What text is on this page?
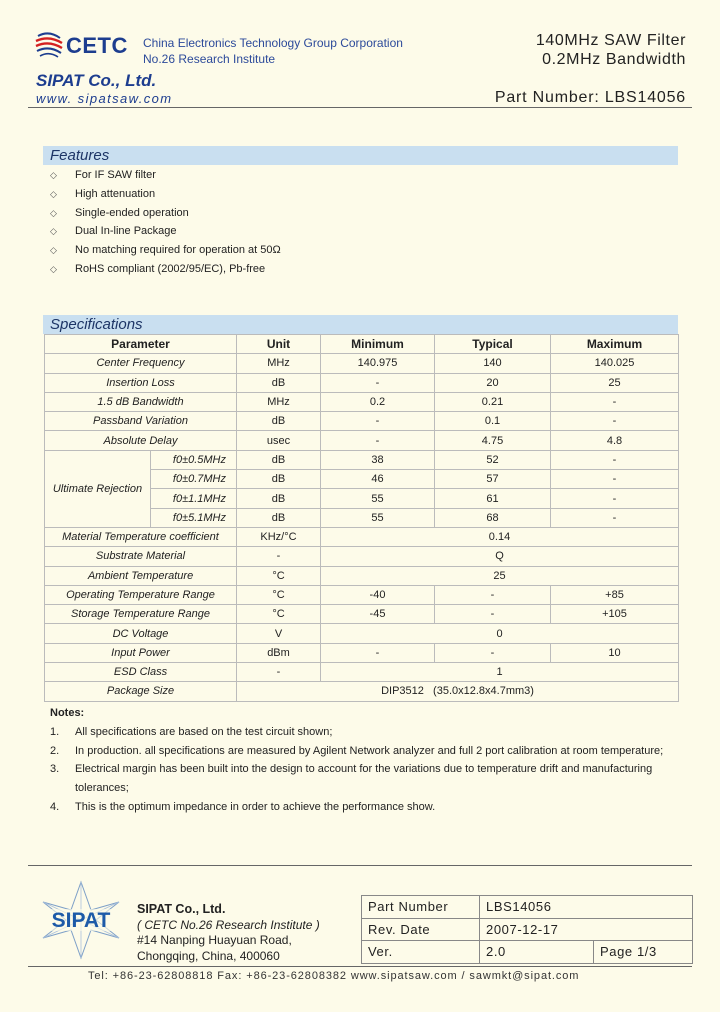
CETC China Electronics Technology Group Corporation
No.26 Research Institute
140MHz SAW Filter
0.2MHz Bandwidth
SIPAT Co., Ltd.
www. sipatsaw.com	Part Number: LBS14056
Features
◇	For IF SAW filter
◇	High attenuation
◇	Single-ended operation
◇	Dual In-line Package
◇	No matching required for operation at 50Ω
◇	RoHS compliant (2002/95/EC), Pb-free
Specifications
Parameter		Unit	Minimum	Typical	Maximum
Center Frequency		MHz	140.975	140	140.025
Insertion Loss		dB	-	20	25
1.5 dB Bandwidth		MHz	0.2	0.21	-
Passband Variation		dB	-	0.1	-
Absolute Delay		usec	-	4.75	4.8
Ultimate Rejection	f0±0.5MHz	dB	38	52	-
	f0±0.7MHz	dB	46	57	-
	f0±1.1MHz	dB	55	61	-
	f0±5.1MHz	dB	55	68	-
Material Temperature coefficient		KHz/°C	0.14		
Substrate Material		-	Q		
Ambient Temperature		°C	25		
Operating Temperature Range		°C	-40	-	+85
Storage Temperature Range		°C	-45	-	+105
DC Voltage		V	0		
Input Power		dBm	-	-	10
ESD Class		-	1		
Package Size		DIP3512 (35.0x12.8x4.7mm3)			
Notes:
1.	All specifications are based on the test circuit shown;
2.	In production. all specifications are measured by Agilent Network analyzer and full 2 port calibration at room temperature;
3.	Electrical margin has been built into the design to account for the variations due to temperature drift and manufacturing tolerances;
4.	This is the optimum impedance in order to achieve the performance show.
SIPAT SIPAT Co., Ltd.
( CETC No.26 Research Institute )
#14 Nanping Huayuan Road,
Chongqing, China, 400060
Part Number	LBS14056	
Rev. Date	2007-12-17	
Ver.	2.0	Page 1/3
Tel: +86-23-62808818 Fax: +86-23-62808382 www.sipatsaw.com / sawmkt@sipat.com
